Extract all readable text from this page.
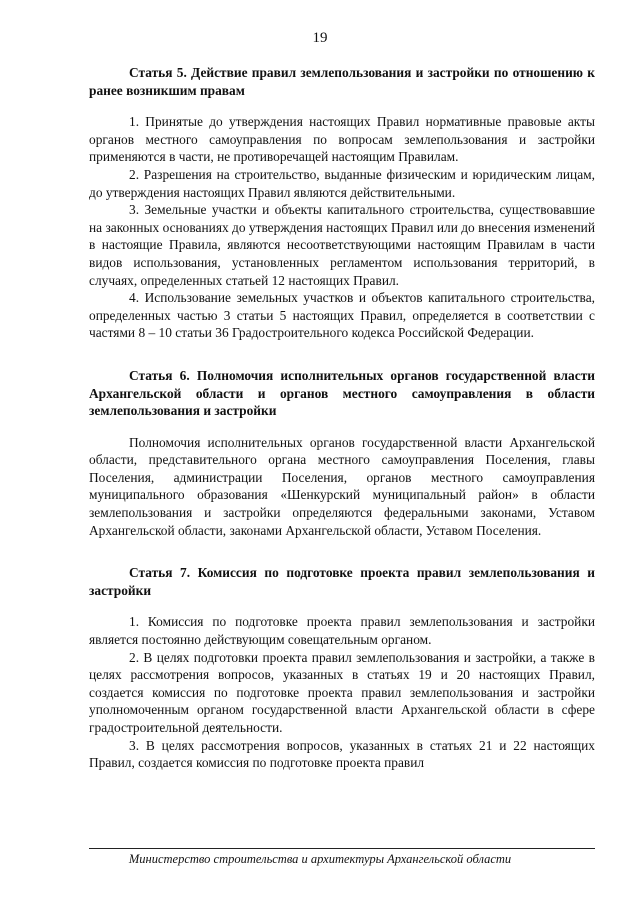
19

Статья 5. Действие правил землепользования и застройки по отношению к ранее возникшим правам

1. Принятые до утверждения настоящих Правил нормативные правовые акты органов местного самоуправления по вопросам землепользования и застройки применяются в части, не противоречащей настоящим Правилам.

2. Разрешения на строительство, выданные физическим и юридическим лицам, до утверждения настоящих Правил являются действительными.

3. Земельные участки и объекты капитального строительства, существовавшие на законных основаниях до утверждения настоящих Правил или до внесения изменений в настоящие Правила, являются несоответствующими настоящим Правилам в части видов использования, установленных регламентом использования территорий, в случаях, определенных статьей 12 настоящих Правил.

4. Использование земельных участков и объектов капитального строительства, определенных частью 3 статьи 5 настоящих Правил, определяется в соответствии с частями 8 – 10 статьи 36 Градостроительного кодекса Российской Федерации.

Статья 6. Полномочия исполнительных органов государственной власти Архангельской области и органов местного самоуправления в области землепользования и застройки

Полномочия исполнительных органов государственной власти Архангельской области, представительного органа местного самоуправления Поселения, главы Поселения, администрации Поселения, органов местного самоуправления муниципального образования «Шенкурский муниципальный район» в области землепользования и застройки определяются федеральными законами, Уставом Архангельской области, законами Архангельской области, Уставом Поселения.

Статья 7. Комиссия по подготовке проекта правил землепользования и застройки

1. Комиссия по подготовке проекта правил землепользования и застройки является постоянно действующим совещательным органом.

2. В целях подготовки проекта правил землепользования и застройки, а также в целях рассмотрения вопросов, указанных в статьях 19 и 20 настоящих Правил, создается комиссия по подготовке проекта правил землепользования и застройки уполномоченным органом государственной власти Архангельской области в сфере градостроительной деятельности.

3. В целях рассмотрения вопросов, указанных в статьях 21 и 22 настоящих Правил, создается комиссия по подготовке проекта правил

Министерство строительства и архитектуры Архангельской области
